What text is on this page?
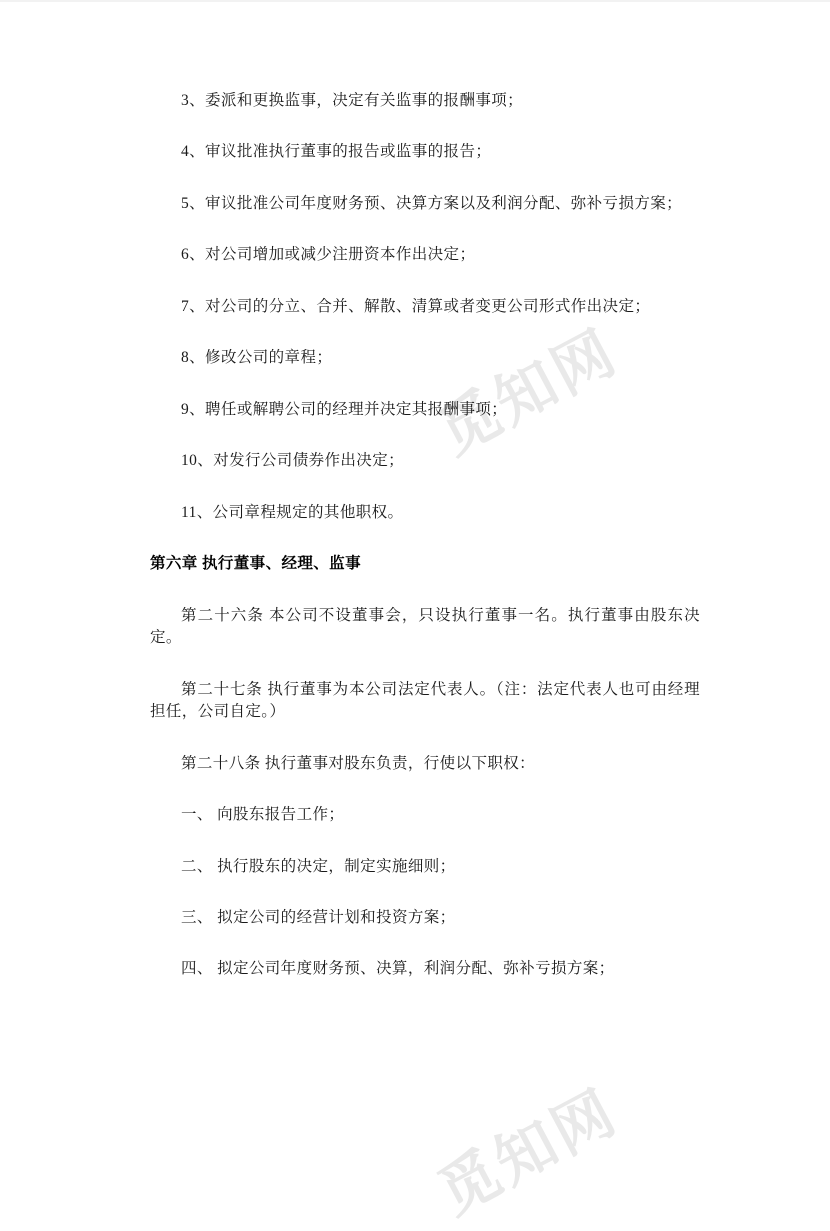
觅知网
觅知网

3、委派和更换监事，决定有关监事的报酬事项；

4、审议批准执行董事的报告或监事的报告；

5、审议批准公司年度财务预、决算方案以及利润分配、弥补亏损方案；

6、对公司增加或减少注册资本作出决定；

7、对公司的分立、合并、解散、清算或者变更公司形式作出决定；

8、修改公司的章程；

9、聘任或解聘公司的经理并决定其报酬事项；

10、对发行公司债券作出决定；

11、公司章程规定的其他职权。

第六章 执行董事、经理、监事

第二十六条 本公司不设董事会，只设执行董事一名。执行董事由股东决定。

第二十七条 执行董事为本公司法定代表人。（注：法定代表人也可由经理担任，公司自定。）

第二十八条 执行董事对股东负责，行使以下职权：

一、 向股东报告工作；

二、 执行股东的决定，制定实施细则；

三、 拟定公司的经营计划和投资方案；

四、 拟定公司年度财务预、决算，利润分配、弥补亏损方案；
